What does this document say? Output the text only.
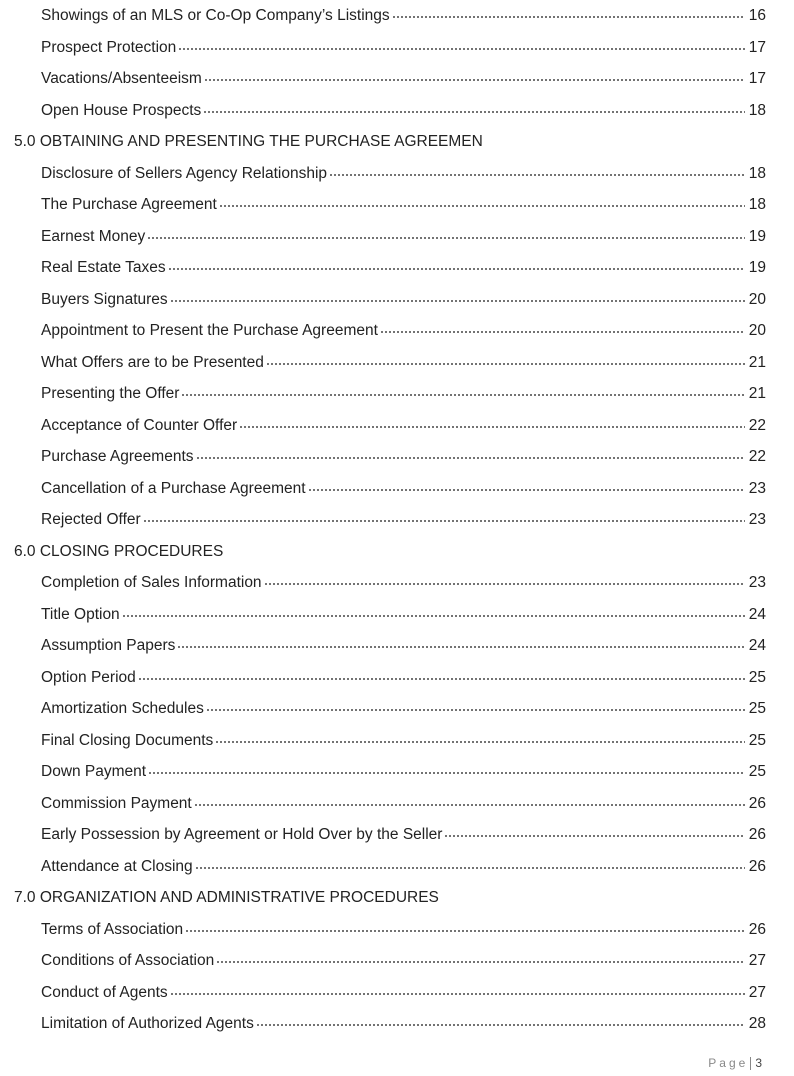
Showings of an MLS or Co-Op Company’s Listings	16
Prospect Protection	17
Vacations/Absenteeism	17
Open House Prospects	18
5.0 OBTAINING AND PRESENTING THE PURCHASE AGREEMEN
Disclosure of Sellers Agency Relationship	18
The Purchase Agreement	18
Earnest Money	19
Real Estate Taxes	19
Buyers Signatures	20
Appointment to Present the Purchase Agreement	20
What Offers are to be Presented	21
Presenting the Offer	21
Acceptance of Counter Offer	22
Purchase Agreements	22
Cancellation of a Purchase Agreement	23
Rejected Offer	23
6.0 CLOSING PROCEDURES
Completion of Sales Information	23
Title Option	24
Assumption Papers	24
Option Period	25
Amortization Schedules	25
Final Closing Documents	25
Down Payment	25
Commission Payment	26
Early Possession by Agreement or Hold Over by the Seller	26
Attendance at Closing	26
7.0 ORGANIZATION AND ADMINISTRATIVE PROCEDURES
Terms of Association	26
Conditions of Association	27
Conduct of Agents	27
Limitation of Authorized Agents	28
Page 3
